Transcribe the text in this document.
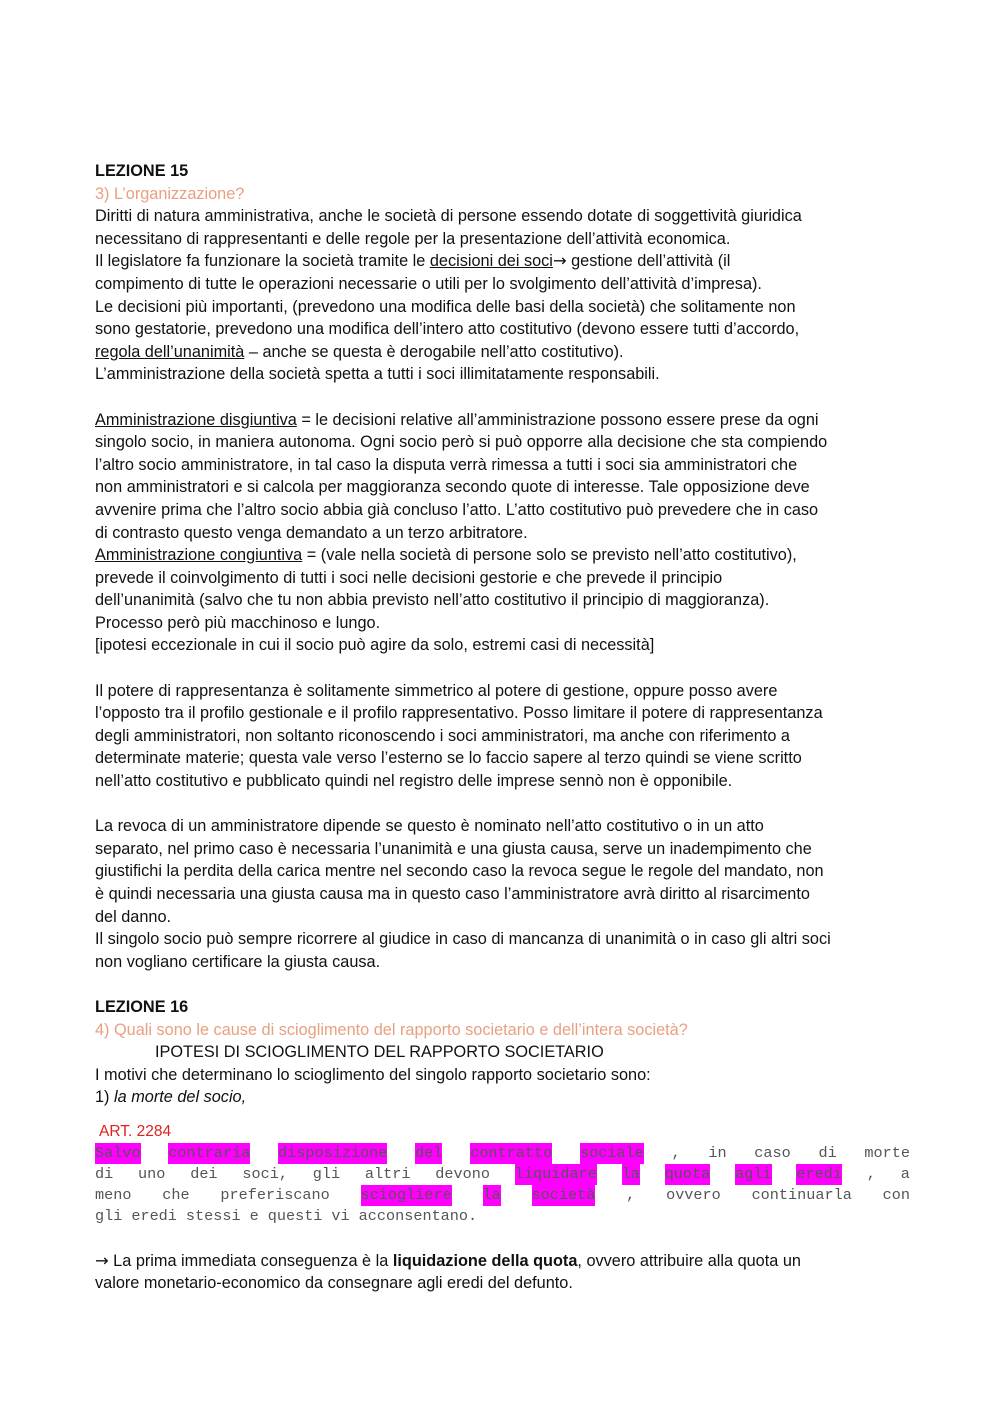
LEZIONE 15
3) L’organizzazione?
Diritti di natura amministrativa, anche le società di persone essendo dotate di soggettività giuridica
necessitano di rappresentanti e delle regole per la presentazione dell’attività economica.
Il legislatore fa funzionare la società tramite le decisioni dei soci→ gestione dell’attività (il
compimento di tutte le operazioni necessarie o utili per lo svolgimento dell’attività d’impresa).
Le decisioni più importanti, (prevedono una modifica delle basi della società) che solitamente non
sono gestatorie, prevedono una modifica dell’intero atto costitutivo (devono essere tutti d’accordo,
regola dell’unanimità – anche se questa è derogabile nell’atto costitutivo).
L’amministrazione della società spetta a tutti i soci illimitatamente responsabili.
Amministrazione disgiuntiva = le decisioni relative all’amministrazione possono essere prese da ogni
singolo socio, in maniera autonoma. Ogni socio però si può opporre alla decisione che sta compiendo
l’altro socio amministratore, in tal caso la disputa verrà rimessa a tutti i soci sia amministratori che
non amministratori e si calcola per maggioranza secondo quote di interesse. Tale opposizione deve
avvenire prima che l’altro socio abbia già concluso l’atto. L’atto costitutivo può prevedere che in caso
di contrasto questo venga demandato a un terzo arbitratore.
Amministrazione congiuntiva = (vale nella società di persone solo se previsto nell’atto costitutivo),
prevede il coinvolgimento di tutti i soci nelle decisioni gestorie e che prevede il principio
dell’unanimità (salvo che tu non abbia previsto nell’atto costitutivo il principio di maggioranza).
Processo però più macchinoso e lungo.
[ipotesi eccezionale in cui il socio può agire da solo, estremi casi di necessità]
Il potere di rappresentanza è solitamente simmetrico al potere di gestione, oppure posso avere
l’opposto tra il profilo gestionale e il profilo rappresentativo. Posso limitare il potere di rappresentanza
degli amministratori, non soltanto riconoscendo i soci amministratori, ma anche con riferimento a
determinate materie; questa vale verso l’esterno se lo faccio sapere al terzo quindi se viene scritto
nell’atto costitutivo e pubblicato quindi nel registro delle imprese sennò non è opponibile.
La revoca di un amministratore dipende se questo è nominato nell’atto costitutivo o in un atto
separato, nel primo caso è necessaria l’unanimità e una giusta causa, serve un inadempimento che
giustifichi la perdita della carica mentre nel secondo caso la revoca segue le regole del mandato, non
è quindi necessaria una giusta causa ma in questo caso l’amministratore avrà diritto al risarcimento
del danno.
Il singolo socio può sempre ricorrere al giudice in caso di mancanza di unanimità o in caso gli altri soci
non vogliano certificare la giusta causa.
LEZIONE 16
4) Quali sono le cause di scioglimento del rapporto societario e dell’intera società?
IPOTESI DI SCIOGLIMENTO DEL RAPPORTO SOCIETARIO
I motivi che determinano lo scioglimento del singolo rapporto societario sono:
1) la morte del socio,
ART. 2284
Salvo contraria disposizione del contratto sociale , in caso di morte
di uno dei soci, gli altri devono liquidare la quota agli eredi , a
meno che preferiscano sciogliere la società , ovvero continuarla con
gli eredi stessi e questi vi acconsentano.
→ La prima immediata conseguenza è la liquidazione della quota, ovvero attribuire alla quota un
valore monetario-economico da consegnare agli eredi del defunto.
